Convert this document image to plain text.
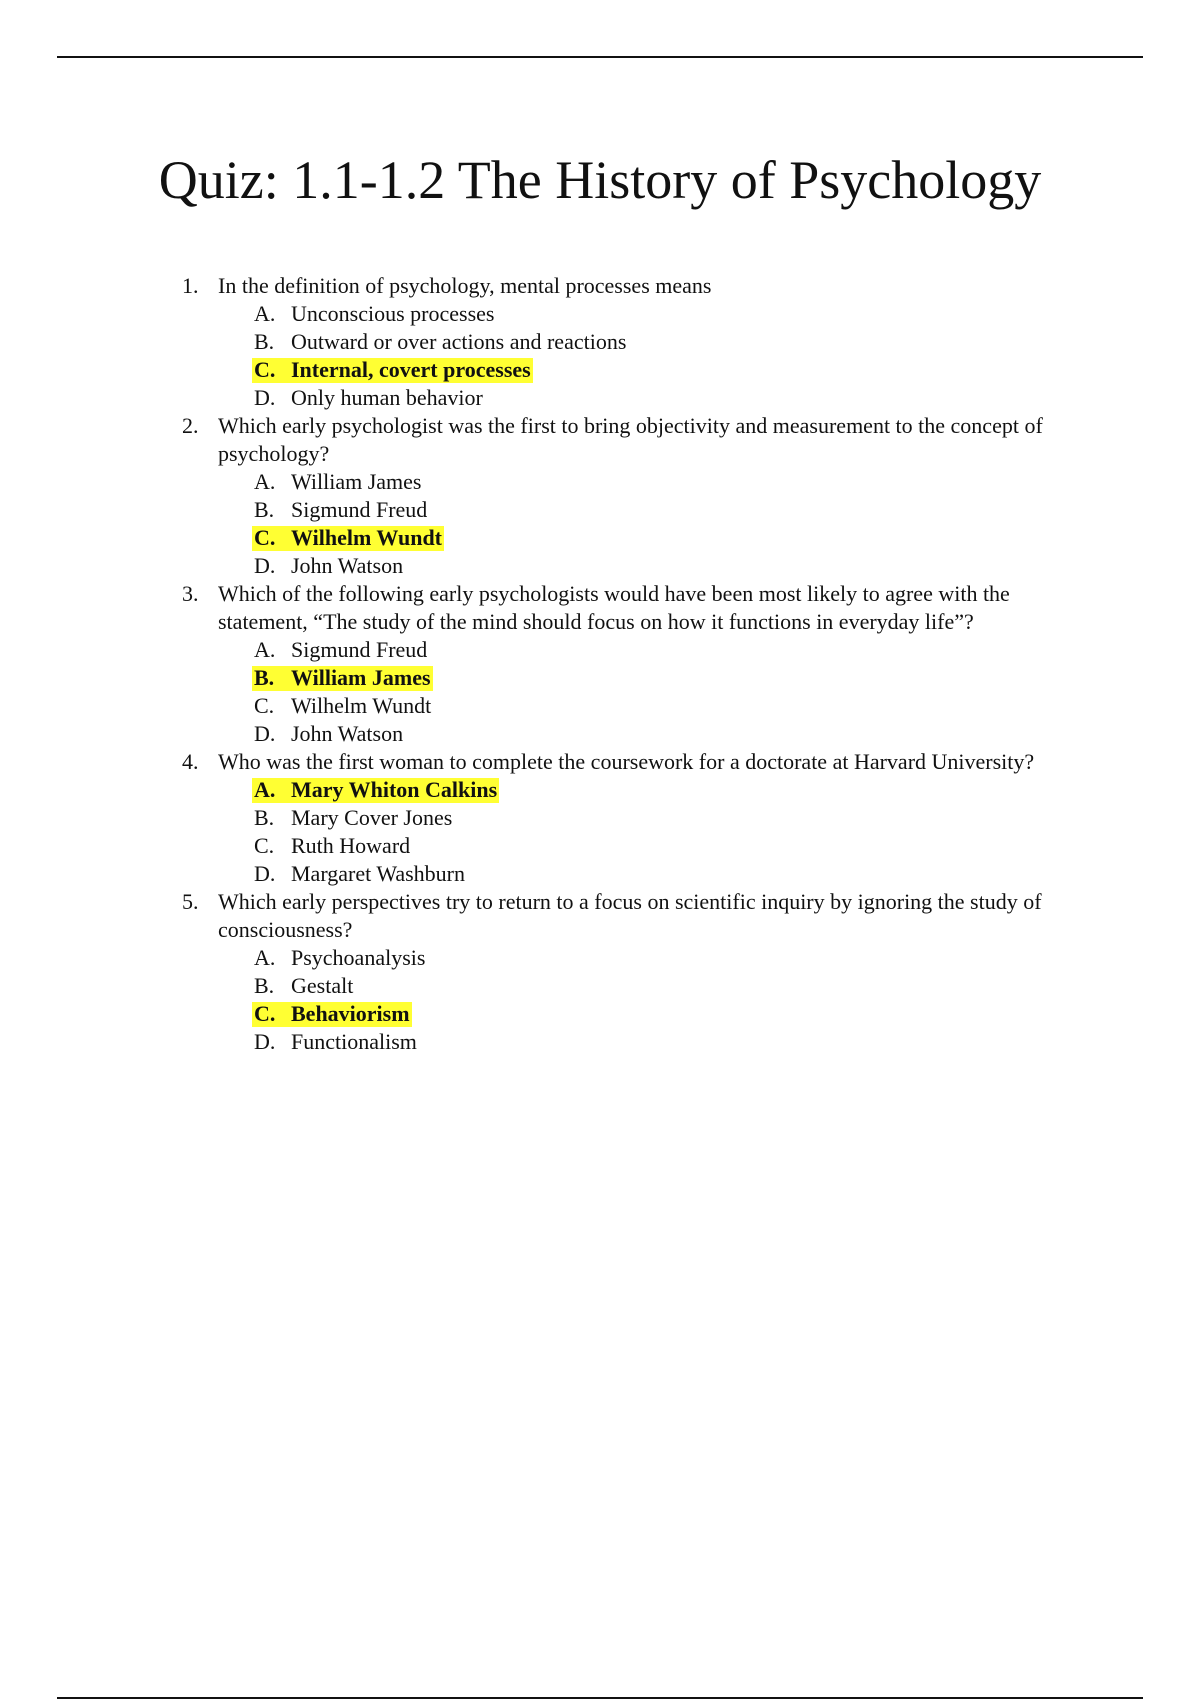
Quiz: 1.1-1.2 The History of Psychology
1. In the definition of psychology, mental processes means
A. Unconscious processes
B. Outward or over actions and reactions
C. Internal, covert processes
D. Only human behavior
2. Which early psychologist was the first to bring objectivity and measurement to the concept of psychology?
A. William James
B. Sigmund Freud
C. Wilhelm Wundt
D. John Watson
3. Which of the following early psychologists would have been most likely to agree with the statement, “The study of the mind should focus on how it functions in everyday life”?
A. Sigmund Freud
B. William James
C. Wilhelm Wundt
D. John Watson
4. Who was the first woman to complete the coursework for a doctorate at Harvard University?
A. Mary Whiton Calkins
B. Mary Cover Jones
C. Ruth Howard
D. Margaret Washburn
5. Which early perspectives try to return to a focus on scientific inquiry by ignoring the study of consciousness?
A. Psychoanalysis
B. Gestalt
C. Behaviorism
D. Functionalism
